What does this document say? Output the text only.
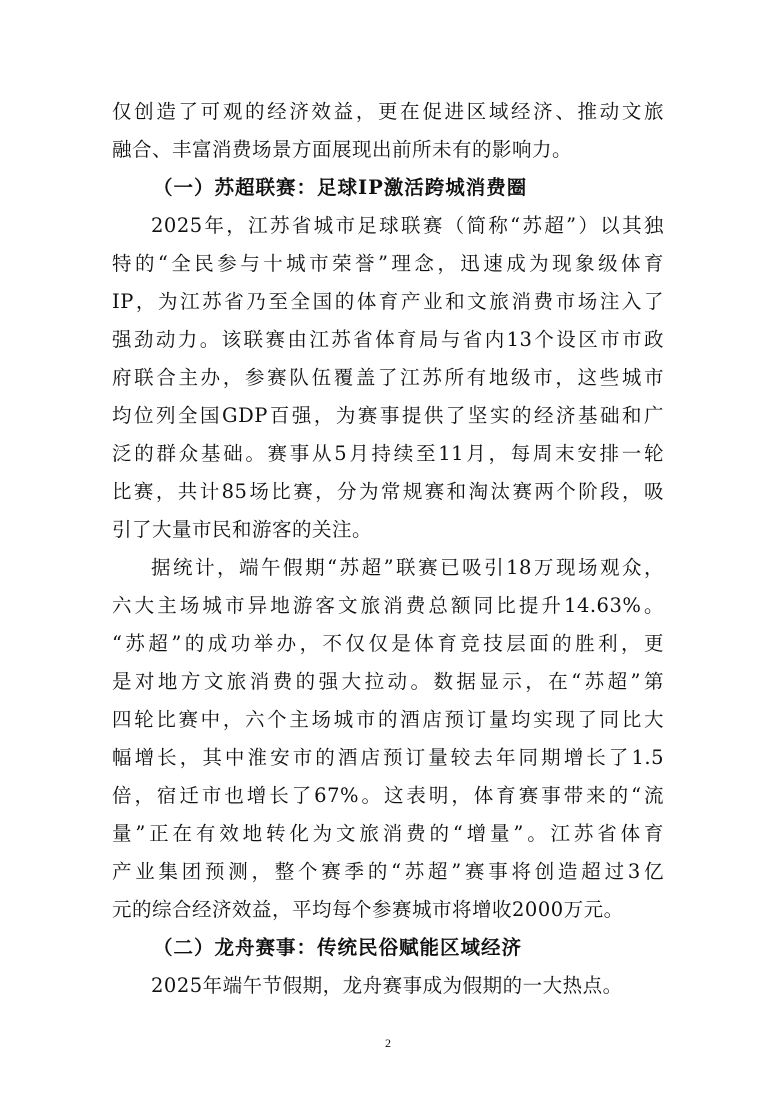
仅创造了可观的经济效益，更在促进区域经济、推动文旅
融合、丰富消费场景方面展现出前所未有的影响力。
（一）苏超联赛：足球IP激活跨城消费圈
2025年，江苏省城市足球联赛（简称“苏超”）以其独
特的“全民参与十城市荣誉”理念，迅速成为现象级体育
IP，为江苏省乃至全国的体育产业和文旅消费市场注入了
强劲动力。该联赛由江苏省体育局与省内13个设区市市政
府联合主办，参赛队伍覆盖了江苏所有地级市，这些城市
均位列全国GDP百强，为赛事提供了坚实的经济基础和广
泛的群众基础。赛事从5月持续至11月，每周末安排一轮
比赛，共计85场比赛，分为常规赛和淘汰赛两个阶段，吸
引了大量市民和游客的关注。
据统计，端午假期“苏超”联赛已吸引18万现场观众，
六大主场城市异地游客文旅消费总额同比提升14.63%。
“苏超”的成功举办，不仅仅是体育竞技层面的胜利，更
是对地方文旅消费的强大拉动。数据显示，在“苏超”第
四轮比赛中，六个主场城市的酒店预订量均实现了同比大
幅增长，其中淮安市的酒店预订量较去年同期增长了1.5
倍，宿迁市也增长了67%。这表明，体育赛事带来的“流
量”正在有效地转化为文旅消费的“增量”。江苏省体育
产业集团预测，整个赛季的“苏超”赛事将创造超过3亿
元的综合经济效益，平均每个参赛城市将增收2000万元。
（二）龙舟赛事：传统民俗赋能区域经济
2025年端午节假期，龙舟赛事成为假期的一大热点。
2
